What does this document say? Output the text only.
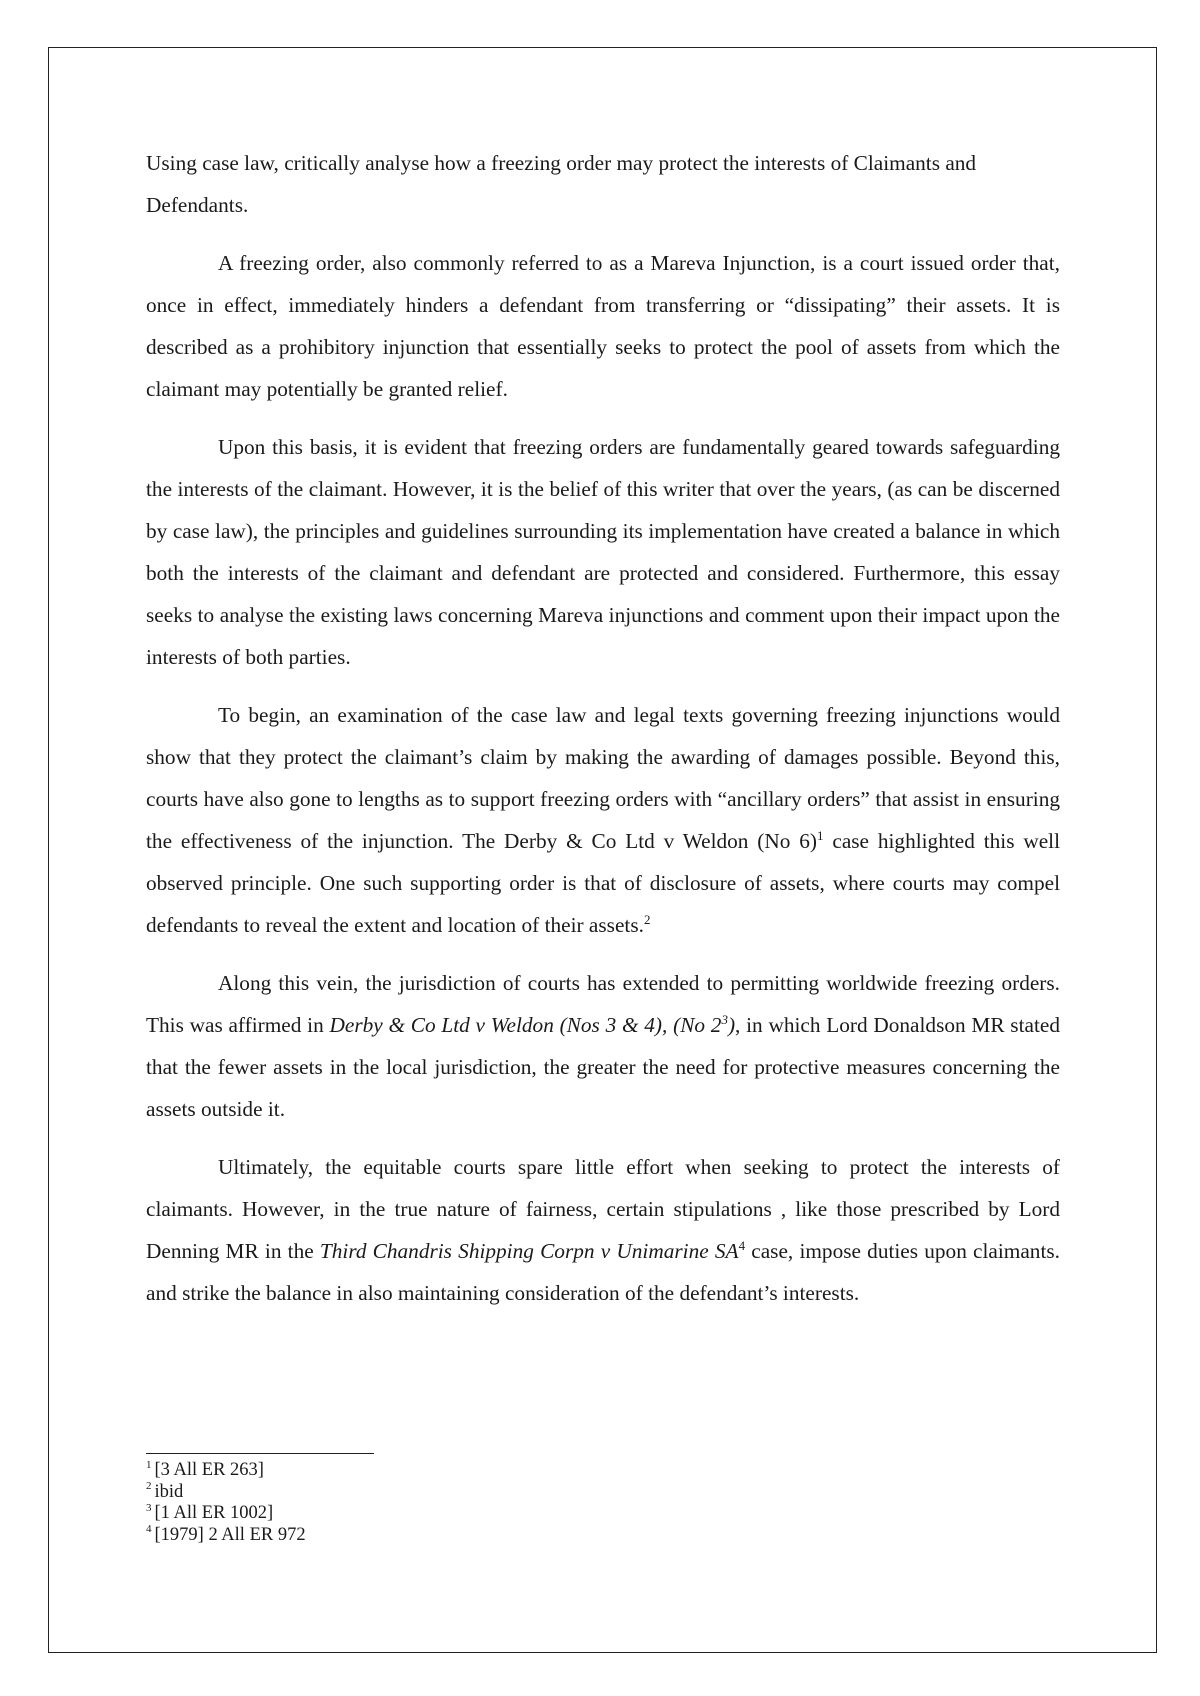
Using case law, critically analyse how a freezing order may protect the interests of Claimants and Defendants.

A freezing order, also commonly referred to as a Mareva Injunction, is a court issued order that, once in effect, immediately hinders a defendant from transferring or “dissipating” their assets. It is described as a prohibitory injunction that essentially seeks to protect the pool of assets from which the claimant may potentially be granted relief.

Upon this basis, it is evident that freezing orders are fundamentally geared towards safeguarding the interests of the claimant. However, it is the belief of this writer that over the years, (as can be discerned by case law), the principles and guidelines surrounding its implementation have created a balance in which both the interests of the claimant and defendant are protected and considered. Furthermore, this essay seeks to analyse the existing laws concerning Mareva injunctions and comment upon their impact upon the interests of both parties.

To begin, an examination of the case law and legal texts governing freezing injunctions would show that they protect the claimant’s claim by making the awarding of damages possible. Beyond this, courts have also gone to lengths as to support freezing orders with “ancillary orders” that assist in ensuring the effectiveness of the injunction. The Derby & Co Ltd v Weldon (No 6)$^1$ case highlighted this well observed principle. One such supporting order is that of disclosure of assets, where courts may compel defendants to reveal the extent and location of their assets.$^2$

Along this vein, the jurisdiction of courts has extended to permitting worldwide freezing orders. This was affirmed in Derby & Co Ltd v Weldon (Nos 3 & 4), (No $2^3$), in which Lord Donaldson MR stated that the fewer assets in the local jurisdiction, the greater the need for protective measures concerning the assets outside it.

Ultimately, the equitable courts spare little effort when seeking to protect the interests of claimants. However, in the true nature of fairness, certain stipulations , like those prescribed by Lord Denning MR in the Third Chandris Shipping Corpn v Unimarine $SA^4$ case, impose duties upon claimants. and strike the balance in also maintaining consideration of the defendant’s interests.

$^1$ [3 All ER 263]
$^2$ ibid
$^3$ [1 All ER 1002]
$^4$ [1979] 2 All ER 972
